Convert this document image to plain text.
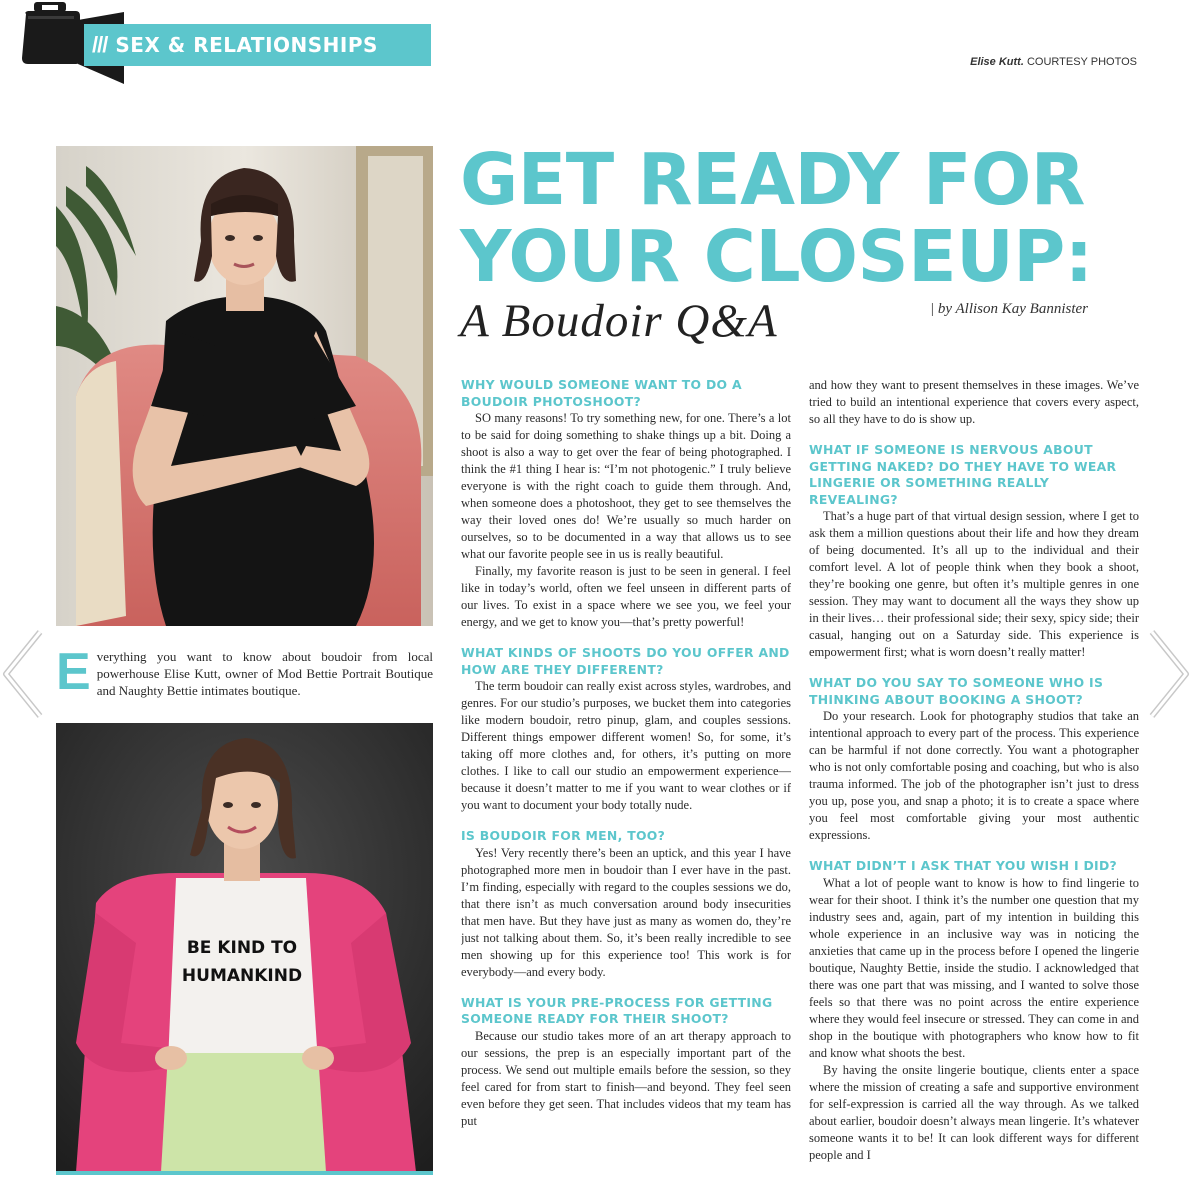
/// SEX & RELATIONSHIPS
Elise Kutt. COURTESY PHOTOS
Everything you want to know about boudoir from local powerhouse Elise Kutt, owner of Mod Bettie Portrait Boutique and Naughty Bettie intimates boutique.
BE KIND TO
HUMANKIND
GET READY FOR YOUR CLOSEUP:
A Boudoir Q&A	| by Allison Kay Bannister

WHY WOULD SOMEONE WANT TO DO A BOUDOIR PHOTOSHOOT?

SO many reasons! To try something new, for one. There’s a lot to be said for doing something to shake things up a bit. Doing a shoot is also a way to get over the fear of being photographed. I think the #1 thing I hear is: “I’m not photogenic.” I truly believe everyone is with the right coach to guide them through. And, when someone does a photoshoot, they get to see themselves the way their loved ones do! We’re usually so much harder on ourselves, so to be documented in a way that allows us to see what our favorite people see in us is really beautiful.

Finally, my favorite reason is just to be seen in general. I feel like in today’s world, often we feel unseen in different parts of our lives. To exist in a space where we see you, we feel your energy, and we get to know you—that’s pretty powerful!

WHAT KINDS OF SHOOTS DO YOU OFFER AND HOW ARE THEY DIFFERENT?

The term boudoir can really exist across styles, wardrobes, and genres. For our studio’s purposes, we bucket them into categories like modern boudoir, retro pinup, glam, and couples sessions. Different things empower different women! So, for some, it’s taking off more clothes and, for others, it’s putting on more clothes. I like to call our studio an empowerment experience—because it doesn’t matter to me if you want to wear clothes or if you want to document your body totally nude.

IS BOUDOIR FOR MEN, TOO?

Yes! Very recently there’s been an uptick, and this year I have photographed more men in boudoir than I ever have in the past. I’m finding, especially with regard to the couples sessions we do, that there isn’t as much conversation around body insecurities that men have. But they have just as many as women do, they’re just not talking about them. So, it’s been really incredible to see men showing up for this experience too! This work is for everybody—and every body.

WHAT IS YOUR PRE-PROCESS FOR GETTING SOMEONE READY FOR THEIR SHOOT?

Because our studio takes more of an art therapy approach to our sessions, the prep is an especially important part of the process. We send out multiple emails before the session, so they feel cared for from start to finish—and beyond. They feel seen even before they get seen. That includes videos that my team has put

and how they want to present themselves in these images. We’ve tried to build an intentional experience that covers every aspect, so all they have to do is show up.

WHAT IF SOMEONE IS NERVOUS ABOUT GETTING NAKED? DO THEY HAVE TO WEAR LINGERIE OR SOMETHING REALLY REVEALING?

That’s a huge part of that virtual design session, where I get to ask them a million questions about their life and how they dream of being documented. It’s all up to the individual and their comfort level. A lot of people think when they book a shoot, they’re booking one genre, but often it’s multiple genres in one session. They may want to document all the ways they show up in their lives… their professional side; their sexy, spicy side; their casual, hanging out on a Saturday side. This experience is empowerment first; what is worn doesn’t really matter!

WHAT DO YOU SAY TO SOMEONE WHO IS THINKING ABOUT BOOKING A SHOOT?

Do your research. Look for photography studios that take an intentional approach to every part of the process. This experience can be harmful if not done correctly. You want a photographer who is not only comfortable posing and coaching, but who is also trauma informed. The job of the photographer isn’t just to dress you up, pose you, and snap a photo; it is to create a space where you feel most comfortable giving your most authentic expressions.

WHAT DIDN’T I ASK THAT YOU WISH I DID?

What a lot of people want to know is how to find lingerie to wear for their shoot. I think it’s the number one question that my industry sees and, again, part of my intention in building this whole experience in an inclusive way was in noticing the anxieties that came up in the process before I opened the lingerie boutique, Naughty Bettie, inside the studio. I acknowledged that there was one part that was missing, and I wanted to solve those feels so that there was no point across the entire experience where they would feel insecure or stressed. They can come in and shop in the boutique with photographers who know how to fit and know what shoots the best.

By having the onsite lingerie boutique, clients enter a space where the mission of creating a safe and supportive environment for self-expression is carried all the way through. As we talked about earlier, boudoir doesn’t always mean lingerie. It’s whatever someone wants it to be! It can look different ways for different people and I
